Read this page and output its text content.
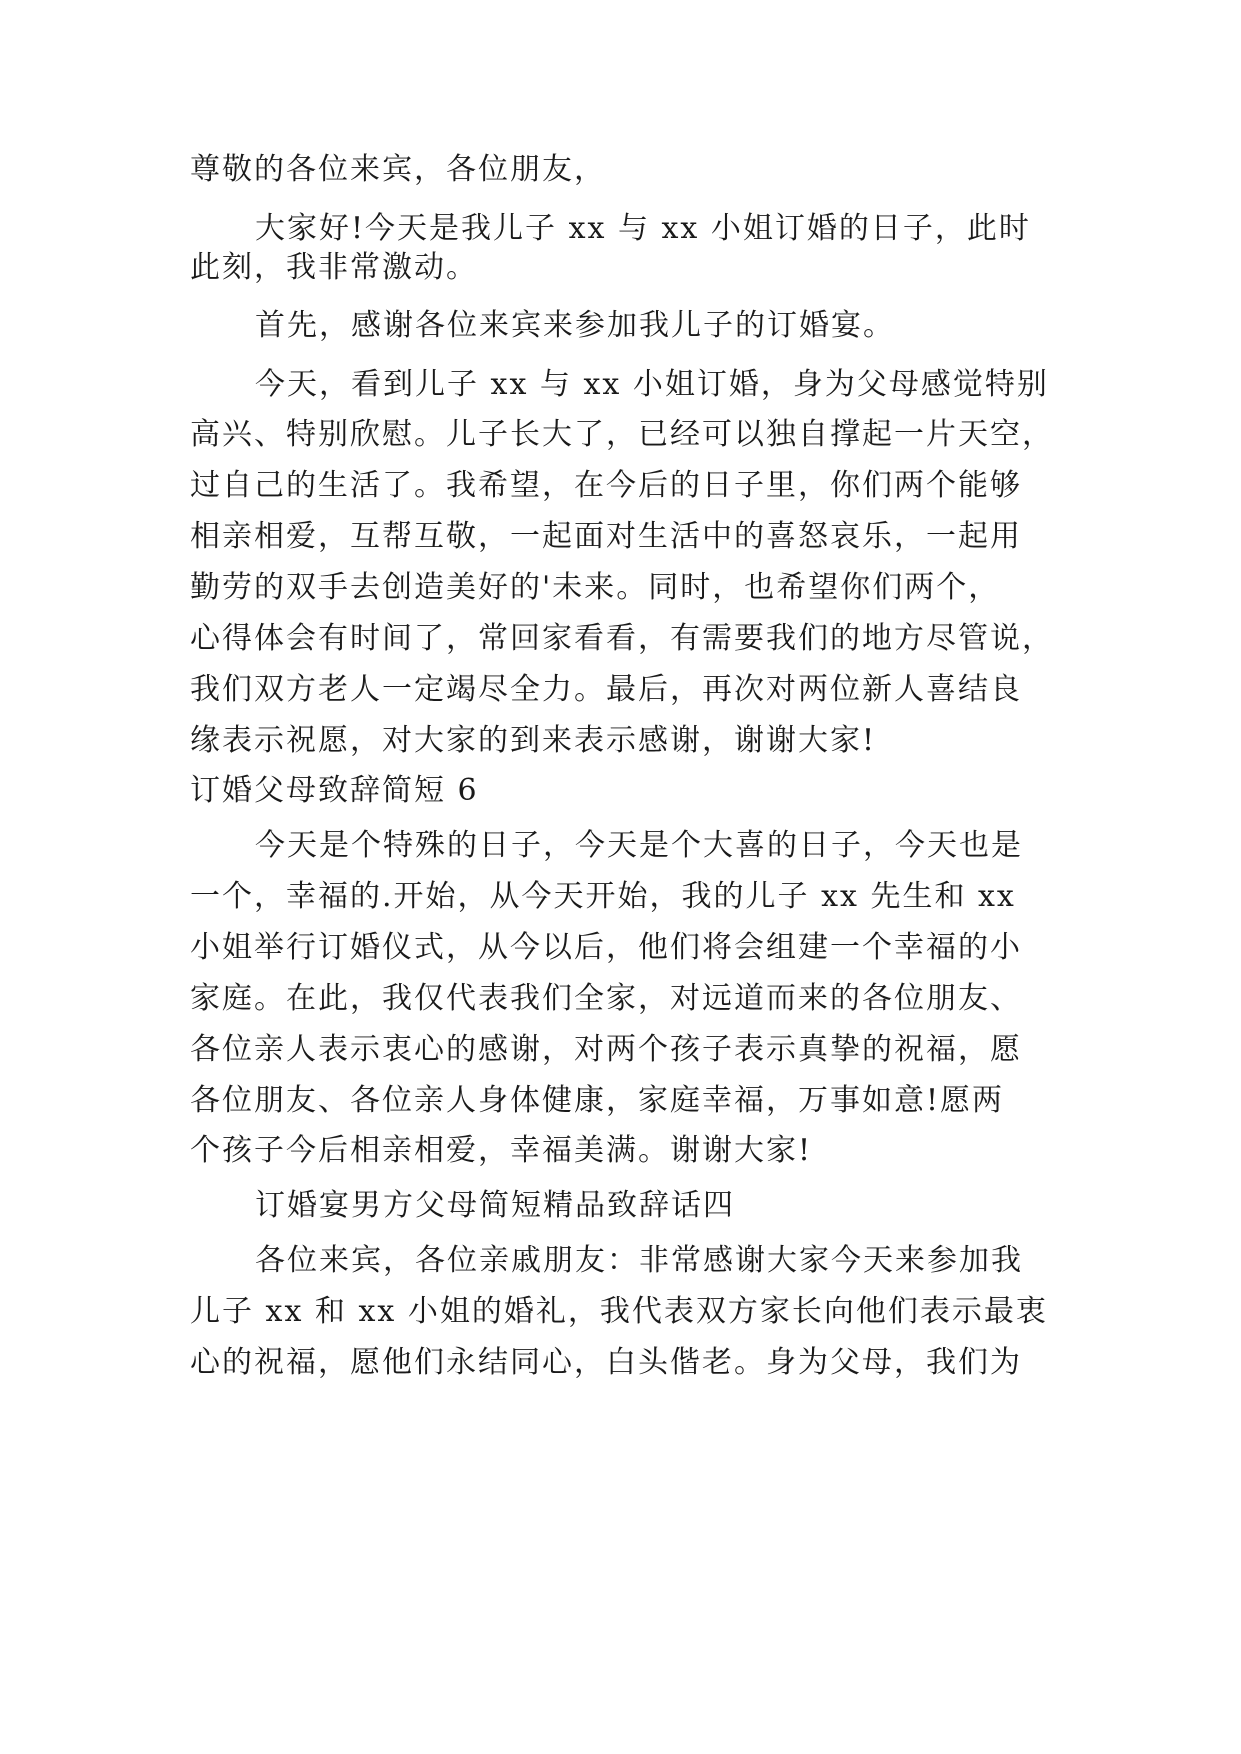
尊敬的各位来宾，各位朋友，

大家好!今天是我儿子 xx 与 xx 小姐订婚的日子，此时

此刻，我非常激动。

首先，感谢各位来宾来参加我儿子的订婚宴。

今天，看到儿子 xx 与 xx 小姐订婚，身为父母感觉特别

高兴、特别欣慰。儿子长大了，已经可以独自撑起一片天空，

过自己的生活了。我希望，在今后的日子里，你们两个能够

相亲相爱，互帮互敬，一起面对生活中的喜怒哀乐，一起用

勤劳的双手去创造美好的'未来。同时，也希望你们两个，

心得体会有时间了，常回家看看，有需要我们的地方尽管说，

我们双方老人一定竭尽全力。最后，再次对两位新人喜结良

缘表示祝愿，对大家的到来表示感谢，谢谢大家!

订婚父母致辞简短 6

今天是个特殊的日子，今天是个大喜的日子，今天也是

一个，幸福的.开始，从今天开始，我的儿子 xx 先生和 xx

小姐举行订婚仪式，从今以后，他们将会组建一个幸福的小

家庭。在此，我仅代表我们全家，对远道而来的各位朋友、

各位亲人表示衷心的感谢，对两个孩子表示真挚的祝福，愿

各位朋友、各位亲人身体健康，家庭幸福，万事如意!愿两

个孩子今后相亲相爱，幸福美满。谢谢大家!

订婚宴男方父母简短精品致辞话四

各位来宾，各位亲戚朋友：非常感谢大家今天来参加我

儿子 xx 和 xx 小姐的婚礼，我代表双方家长向他们表示最衷

心的祝福，愿他们永结同心，白头偕老。身为父母，我们为
